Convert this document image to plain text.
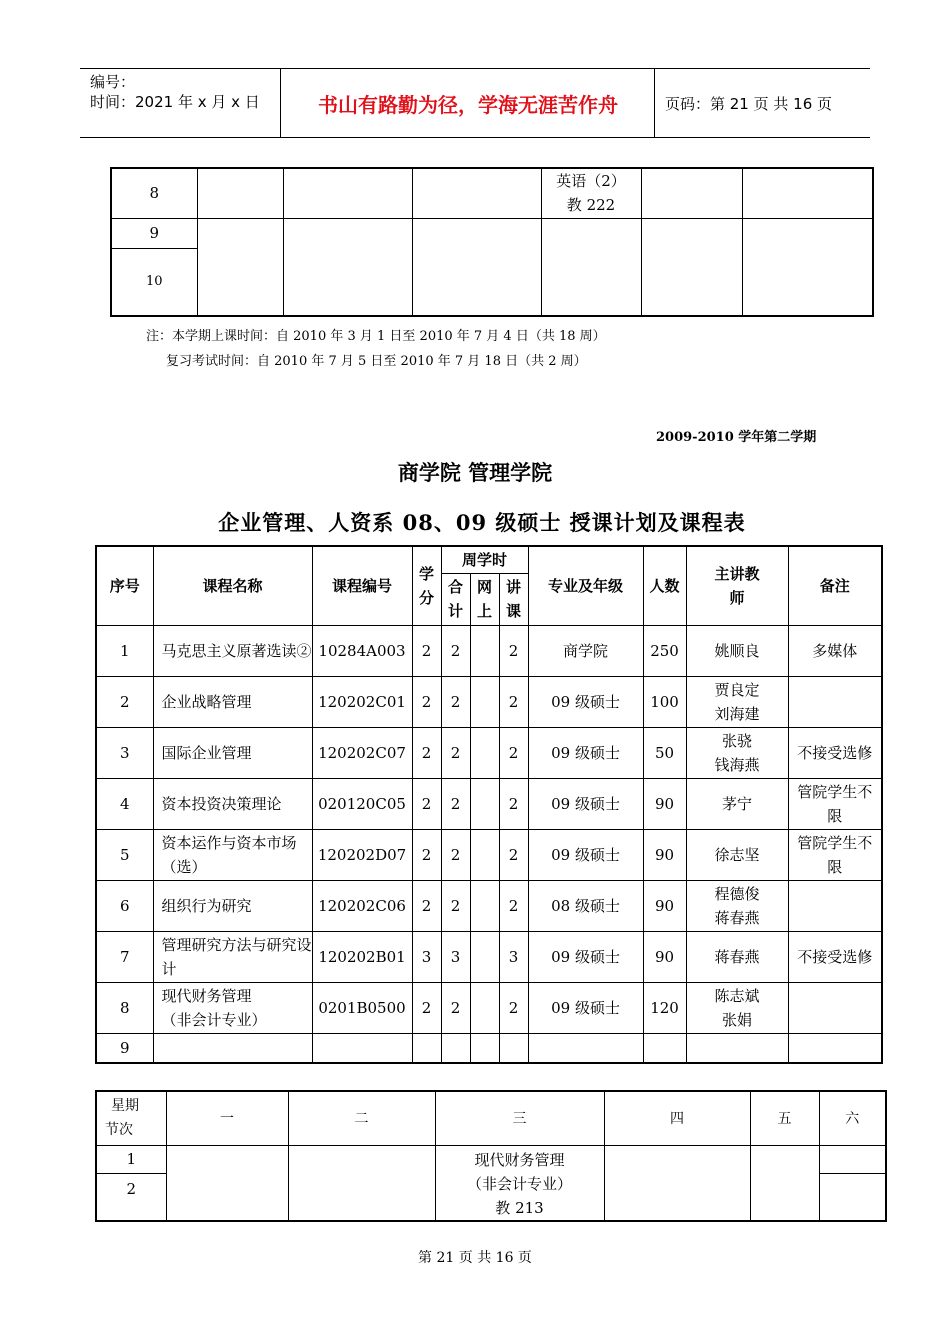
编号：
时间：2021 年 x 月 x 日	书山有路勤为径，学海无涯苦作舟	页码：第 21 页 共 16 页
8				英语（2）
教 222		

9						
10						
注：本学期上课时间：自 2010 年 3 月 1 日至 2010 年 7 月 4 日（共 18 周）
复习考试时间：自 2010 年 7 月 5 日至 2010 年 7 月 18 日（共 2 周）
2009-2010 学年第二学期
商学院 管理学院
企业管理、人资系 08、09 级硕士 授课计划及课程表
序号	课程名称	课程编号	学分	周学时			专业及年级	人数	主讲教师	备注
				合计	网上	讲课				
1	马克思主义原著选读②	10284A003	2	2		2	商学院	250	姚顺良	多媒体
2	企业战略管理	120202C01	2	2		2	09 级硕士	100	贾良定
刘海建	
3	国际企业管理	120202C07	2	2		2	09 级硕士	50	张骁
钱海燕	不接受选修
4	资本投资决策理论	020120C05	2	2		2	09 级硕士	90	茅宁	管院学生不限
5	资本运作与资本市场（选）	120202D07	2	2		2	09 级硕士	90	徐志坚	管院学生不限
6	组织行为研究	120202C06	2	2		2	08 级硕士	90	程德俊
蒋春燕	
7	管理研究方法与研究设计	120202B01	3	3		3	09 级硕士	90	蒋春燕	不接受选修
8	现代财务管理
（非会计专业）	0201B0500	2	2		2	09 级硕士	120	陈志斌
张娟	
9										
星期
节次	一	二	三	四	五	六
1			现代财务管理
（非会计专业）
教 213			
2						
第 21 页 共 16 页
